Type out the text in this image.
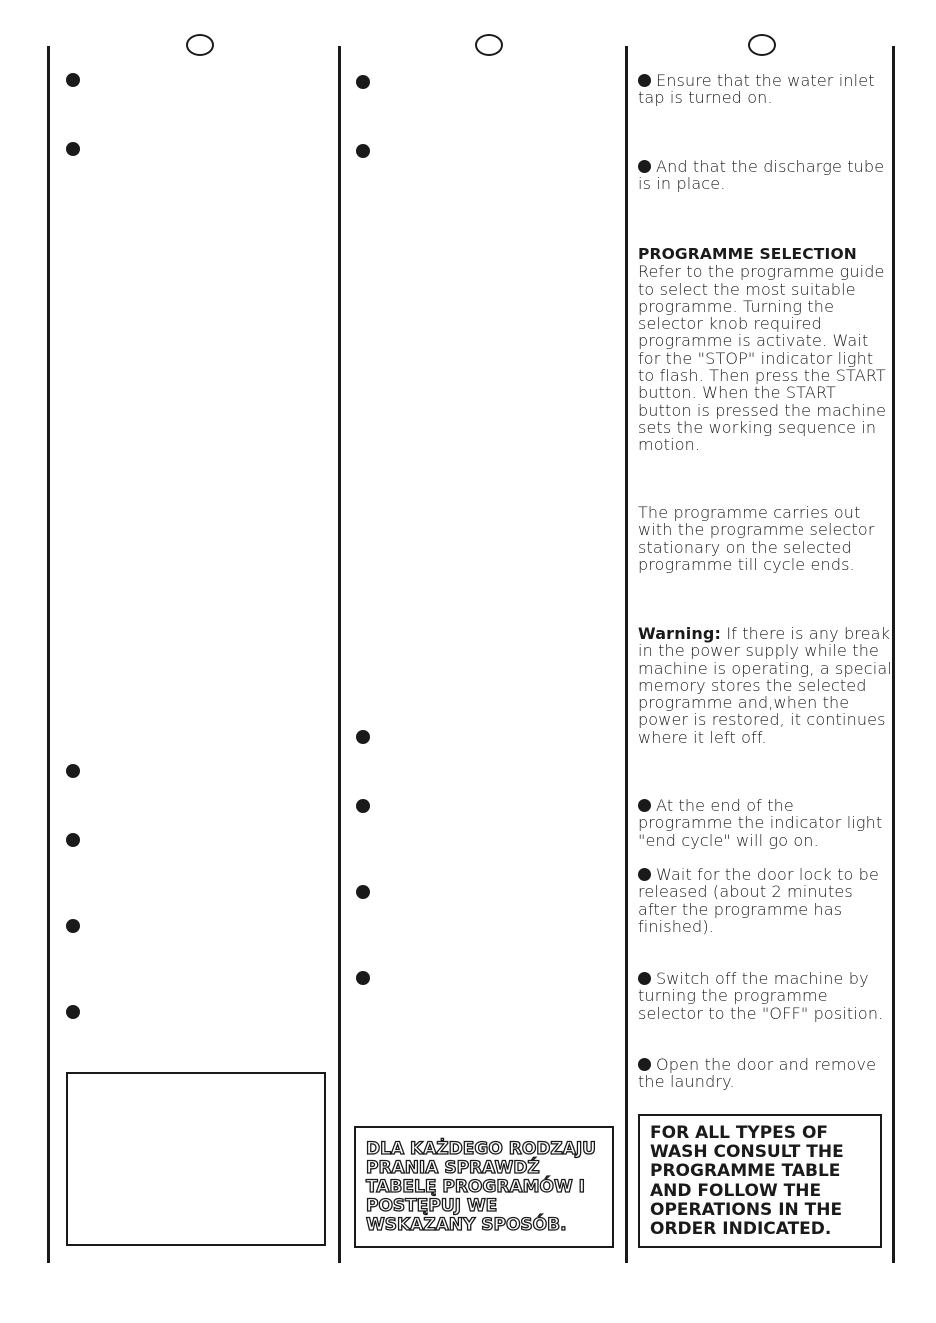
DLA KAŻDEGO RODZAJU PRANIA SPRAWDŹ TABELĘ PROGRAMÓW I POSTĘPUJ WE WSKAZANY SPOSÓB.

Ensure that the water inlet tap is turned on.

And that the discharge tube is in place.

PROGRAMME SELECTION
Refer to the programme guide to select the most suitable programme. Turning the selector knob required programme is activate. Wait for the "STOP" indicator light to flash. Then press the START button. When the START button is pressed the machine sets the working sequence in motion.

The programme carries out with the programme selector stationary on the selected programme till cycle ends.

Warning: If there is any break in the power supply while the machine is operating, a special memory stores the selected programme and,when the power is restored, it continues where it left off.

At the end of the programme the indicator light "end cycle" will go on.

Wait for the door lock to be released (about 2 minutes after the programme has finished).

Switch off the machine by turning the programme selector to the "OFF" position.

Open the door and remove the laundry.

FOR ALL TYPES OF WASH CONSULT THE PROGRAMME TABLE AND FOLLOW THE OPERATIONS IN THE ORDER INDICATED.
